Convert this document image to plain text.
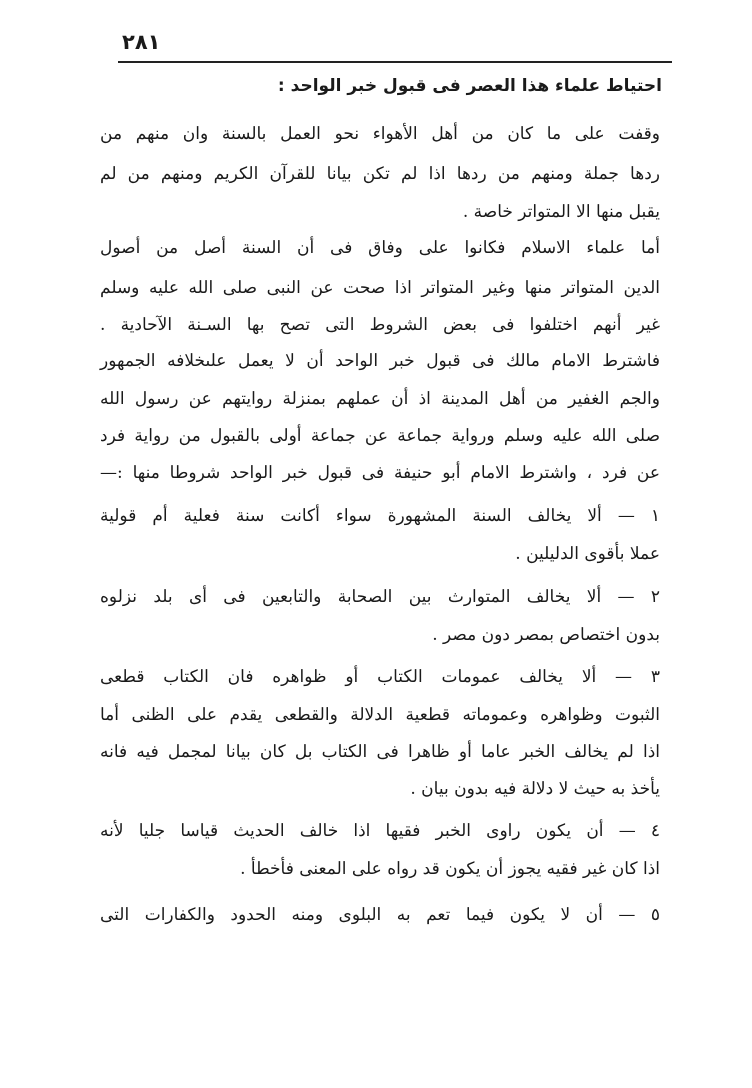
٢٨١
احتياط علماء هذا العصر فى قبول خبر الواحد :
وقفت على ما كان من أهل الأهواء نحو العمل بالسنة وان منهم من
ردها جملة ومنهم من ردها اذا لم تكن بيانا للقرآن الكريم ومنهم من لم
يقبل منها الا المتواتر خاصة .
أما علماء الاسلام فكانوا على وفاق فى أن السنة أصل من أصول
الدين المتواتر منها وغير المتواتر اذا صحت عن النبى صلى الله عليه وسلم
غير أنهم اختلفوا فى بعض الشروط التى تصح بها السـنة الآحادية .
فاشترط الامام مالك فى قبول خبر الواحد أن لا يعمل علىخلافه الجمهور
والجم الغفير من أهل المدينة اذ أن عملهم بمنزلة روايتهم عن رسول الله
صلى الله عليه وسلم ورواية جماعة عن جماعة أولى بالقبول من رواية فرد
عن فرد ، واشترط الامام أبو حنيفة فى قبول خبر الواحد شروطا منها :—
١ — ألا يخالف السنة المشهورة سواء أكانت سنة فعلية أم قولية
عملا بأقوى الدليلين .
٢ — ألا يخالف المتوارث بين الصحابة والتابعين فى أى بلد نزلوه
بدون اختصاص بمصر دون مصر .
٣ — ألا يخالف عمومات الكتاب أو ظواهره فان الكتاب قطعى
الثبوت وظواهره وعموماته قطعية الدلالة والقطعى يقدم على الظنى أما
اذا لم يخالف الخبر عاما أو ظاهرا فى الكتاب بل كان بيانا لمجمل فيه فانه
يأخذ به حيث لا دلالة فيه بدون بيان .
٤ — أن يكون راوى الخبر فقيها اذا خالف الحديث قياسا جليا لأنه
اذا كان غير فقيه يجوز أن يكون قد رواه على المعنى فأخطأ .
٥ — أن لا يكون فيما تعم به البلوى ومنه الحدود والكفارات التى
